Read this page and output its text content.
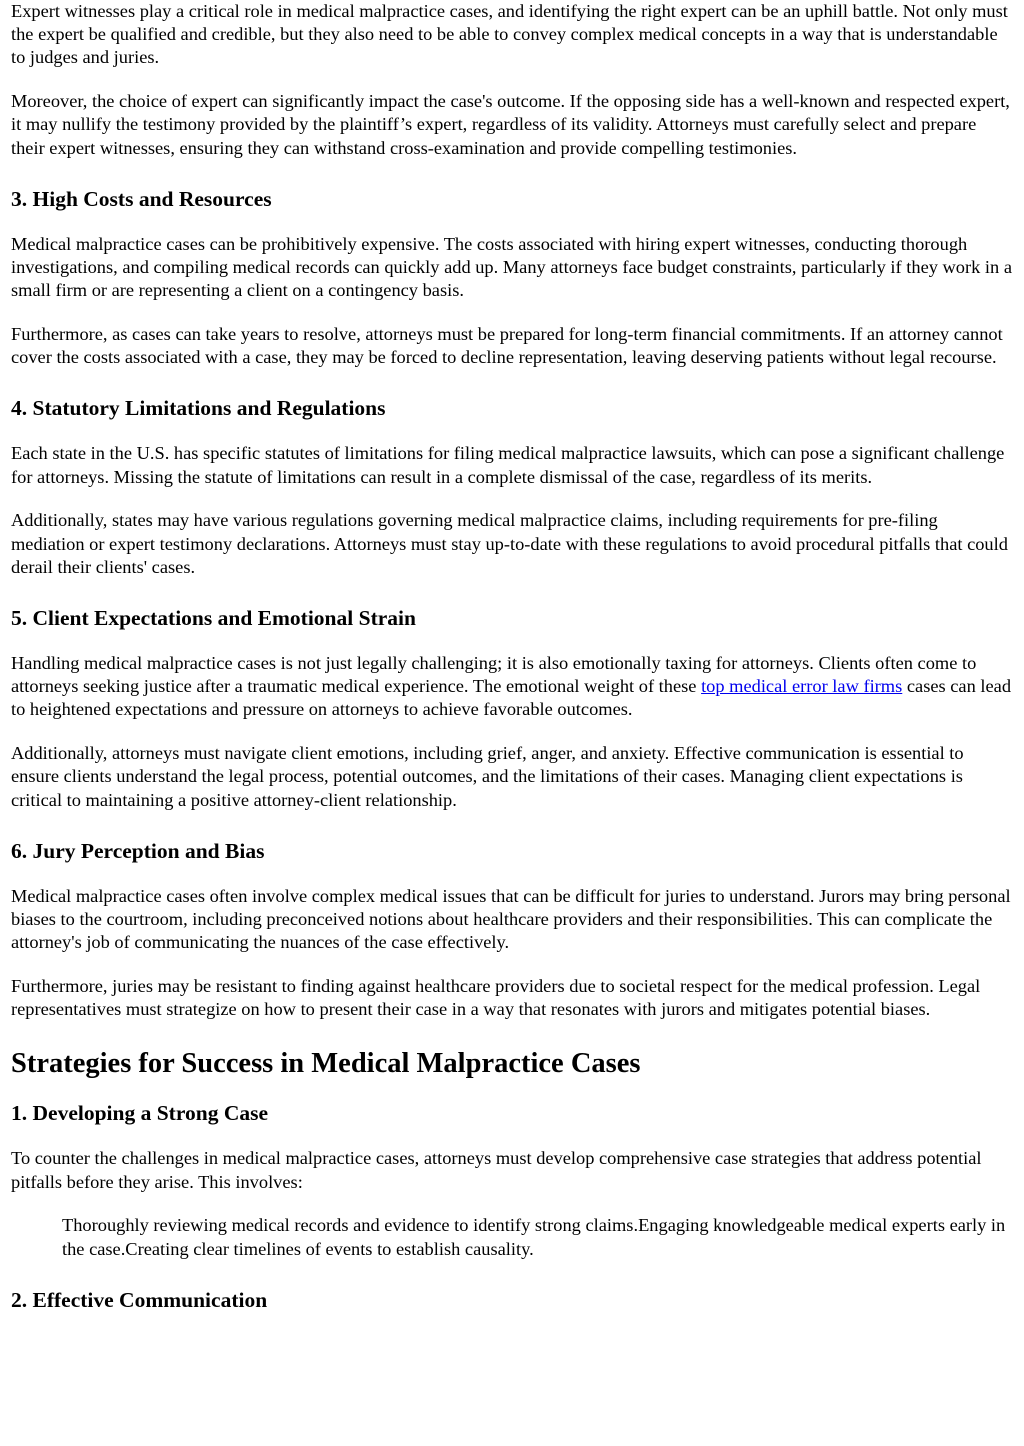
Expert witnesses play a critical role in medical malpractice cases, and identifying the right expert can be an uphill battle. Not only must the expert be qualified and credible, but they also need to be able to convey complex medical concepts in a way that is understandable to judges and juries.

Moreover, the choice of expert can significantly impact the case's outcome. If the opposing side has a well-known and respected expert, it may nullify the testimony provided by the plaintiff’s expert, regardless of its validity. Attorneys must carefully select and prepare their expert witnesses, ensuring they can withstand cross-examination and provide compelling testimonies.

3. High Costs and Resources

Medical malpractice cases can be prohibitively expensive. The costs associated with hiring expert witnesses, conducting thorough investigations, and compiling medical records can quickly add up. Many attorneys face budget constraints, particularly if they work in a small firm or are representing a client on a contingency basis.

Furthermore, as cases can take years to resolve, attorneys must be prepared for long-term financial commitments. If an attorney cannot cover the costs associated with a case, they may be forced to decline representation, leaving deserving patients without legal recourse.

4. Statutory Limitations and Regulations

Each state in the U.S. has specific statutes of limitations for filing medical malpractice lawsuits, which can pose a significant challenge for attorneys. Missing the statute of limitations can result in a complete dismissal of the case, regardless of its merits.

Additionally, states may have various regulations governing medical malpractice claims, including requirements for pre-filing mediation or expert testimony declarations. Attorneys must stay up-to-date with these regulations to avoid procedural pitfalls that could derail their clients' cases.

5. Client Expectations and Emotional Strain

Handling medical malpractice cases is not just legally challenging; it is also emotionally taxing for attorneys. Clients often come to attorneys seeking justice after a traumatic medical experience. The emotional weight of these top medical error law firms cases can lead to heightened expectations and pressure on attorneys to achieve favorable outcomes.

Additionally, attorneys must navigate client emotions, including grief, anger, and anxiety. Effective communication is essential to ensure clients understand the legal process, potential outcomes, and the limitations of their cases. Managing client expectations is critical to maintaining a positive attorney-client relationship.

6. Jury Perception and Bias

Medical malpractice cases often involve complex medical issues that can be difficult for juries to understand. Jurors may bring personal biases to the courtroom, including preconceived notions about healthcare providers and their responsibilities. This can complicate the attorney's job of communicating the nuances of the case effectively.

Furthermore, juries may be resistant to finding against healthcare providers due to societal respect for the medical profession. Legal representatives must strategize on how to present their case in a way that resonates with jurors and mitigates potential biases.

Strategies for Success in Medical Malpractice Cases
1. Developing a Strong Case

To counter the challenges in medical malpractice cases, attorneys must develop comprehensive case strategies that address potential pitfalls before they arise. This involves:

Thoroughly reviewing medical records and evidence to identify strong claims.Engaging knowledgeable medical experts early in the case.Creating clear timelines of events to establish causality.
2. Effective Communication
